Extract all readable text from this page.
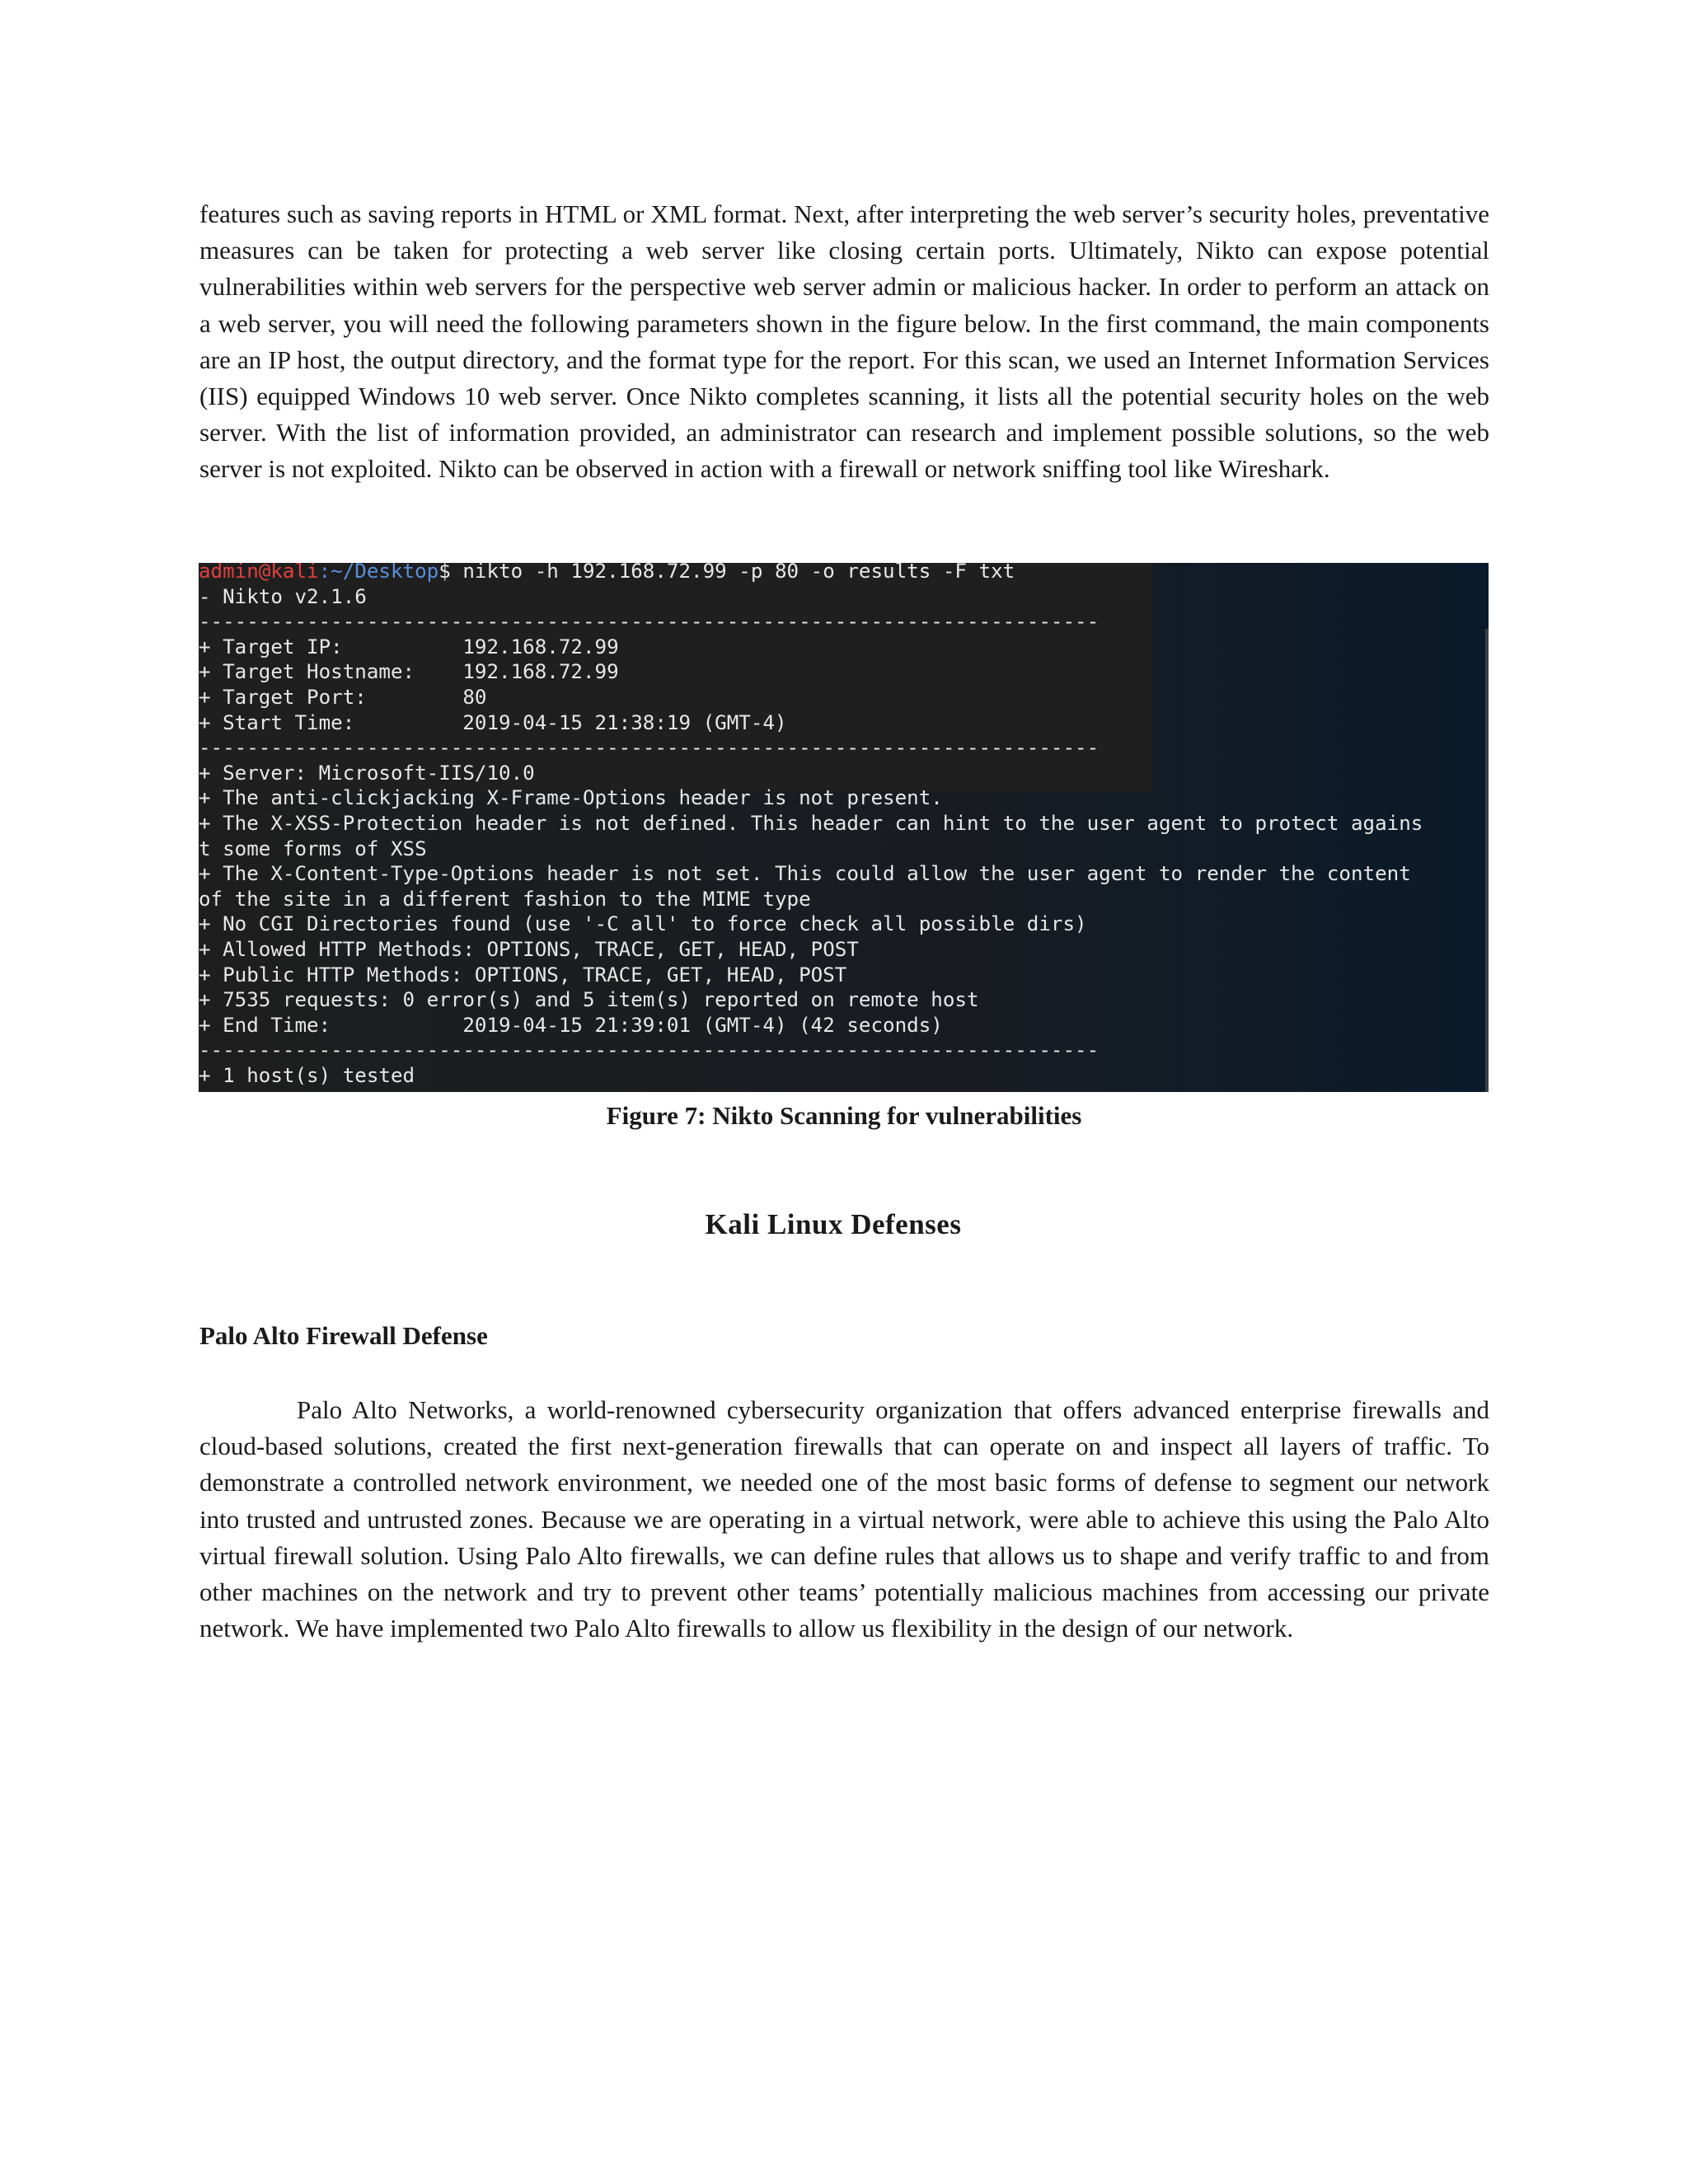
features such as saving reports in HTML or XML format. Next, after interpreting the web server’s security holes, preventative measures can be taken for protecting a web server like closing certain ports. Ultimately, Nikto can expose potential vulnerabilities within web servers for the perspective web server admin or malicious hacker. In order to perform an attack on a web server, you will need the following parameters shown in the figure below. In the first command, the main components are an IP host, the output directory, and the format type for the report. For this scan, we used an Internet Information Services (IIS) equipped Windows 10 web server. Once Nikto completes scanning, it lists all the potential security holes on the web server. With the list of information provided, an administrator can research and implement possible solutions, so the web server is not exploited. Nikto can be observed in action with a firewall or network sniffing tool like Wireshark.

admin@kali:~/Desktop$ nikto -h 192.168.72.99 -p 80 -o results -F txt
- Nikto v2.1.6
---------------------------------------------------------------------------
+ Target IP:          192.168.72.99
+ Target Hostname:    192.168.72.99
+ Target Port:        80
+ Start Time:         2019-04-15 21:38:19 (GMT-4)
---------------------------------------------------------------------------
+ Server: Microsoft-IIS/10.0
+ The anti-clickjacking X-Frame-Options header is not present.
+ The X-XSS-Protection header is not defined. This header can hint to the user agent to protect agains
t some forms of XSS
+ The X-Content-Type-Options header is not set. This could allow the user agent to render the content
of the site in a different fashion to the MIME type
+ No CGI Directories found (use '-C all' to force check all possible dirs)
+ Allowed HTTP Methods: OPTIONS, TRACE, GET, HEAD, POST
+ Public HTTP Methods: OPTIONS, TRACE, GET, HEAD, POST
+ 7535 requests: 0 error(s) and 5 item(s) reported on remote host
+ End Time:           2019-04-15 21:39:01 (GMT-4) (42 seconds)
---------------------------------------------------------------------------
+ 1 host(s) tested

Figure 7: Nikto Scanning for vulnerabilities

Kali Linux Defenses
Palo Alto Firewall Defense

Palo Alto Networks, a world-renowned cybersecurity organization that offers advanced enterprise firewalls and cloud-based solutions, created the first next-generation firewalls that can operate on and inspect all layers of traffic. To demonstrate a controlled network environment, we needed one of the most basic forms of defense to segment our network into trusted and untrusted zones. Because we are operating in a virtual network, were able to achieve this using the Palo Alto virtual firewall solution. Using Palo Alto firewalls, we can define rules that allows us to shape and verify traffic to and from other machines on the network and try to prevent other teams’ potentially malicious machines from accessing our private network. We have implemented two Palo Alto firewalls to allow us flexibility in the design of our network.
